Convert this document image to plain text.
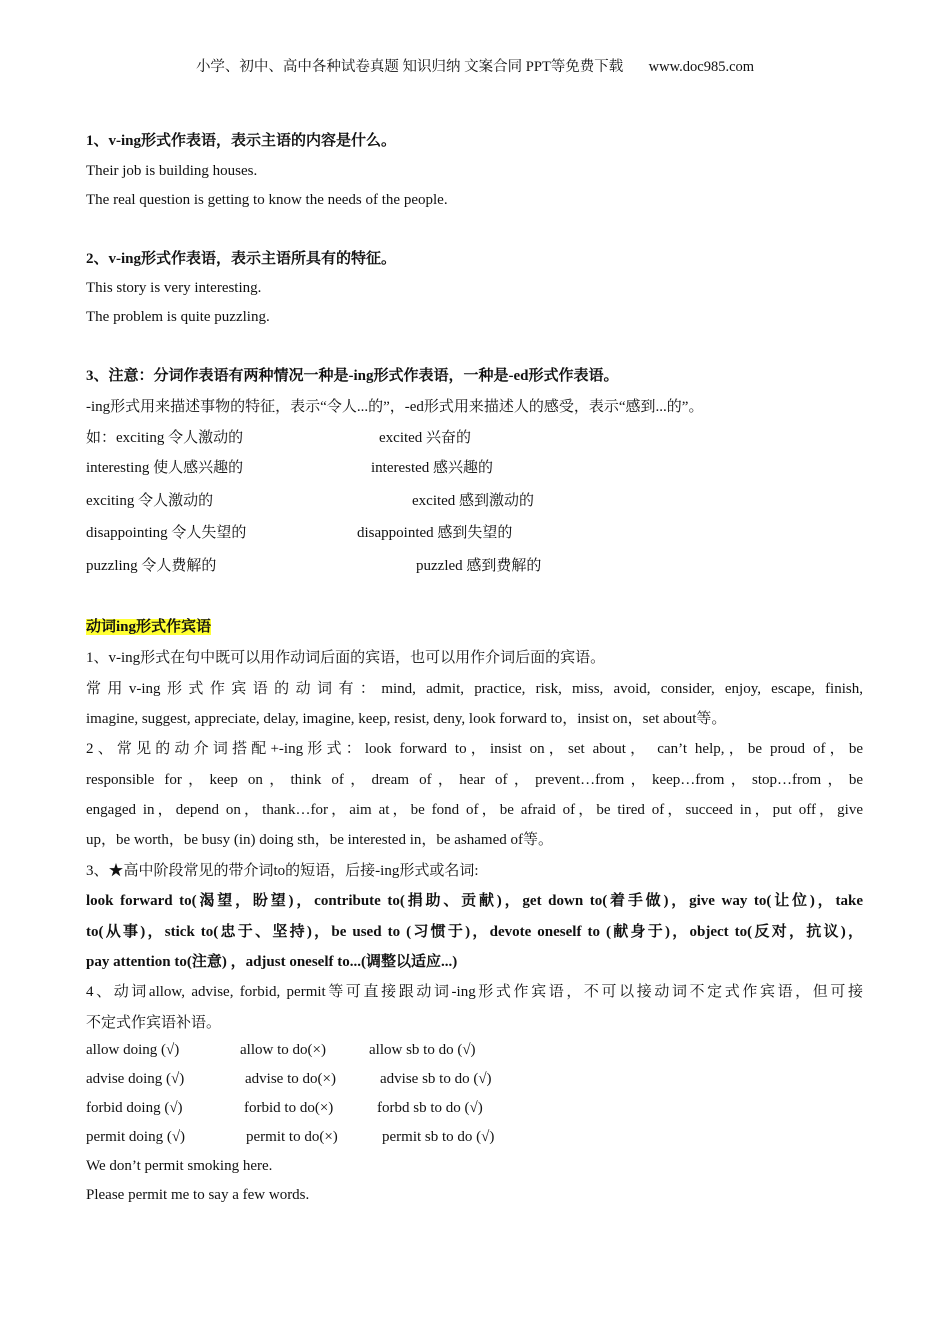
小学、初中、高中各种试卷真题 知识归纳 文案合同 PPT等免费下载 www.doc985.com
1、v-ing形式作表语，表示主语的内容是什么。
Their job is building houses.
The real question is getting to know the needs of the people.
2、v-ing形式作表语，表示主语所具有的特征。
This story is very interesting.
The problem is quite puzzling.
3、注意：分词作表语有两种情况一种是-ing形式作表语，一种是-ed形式作表语。
-ing形式用来描述事物的特征，表示“令人...的”，-ed形式用来描述人的感受，表示“感到...的”。
如：exciting 令人激动的	excited 兴奋的
interesting 使人感兴趣的	interested 感兴趣的
exciting 令人激动的	excited 感到激动的
disappointing 令人失望的	disappointed 感到失望的
puzzling 令人费解的	puzzled 感到费解的
动词ing形式作宾语
1、v-ing形式在句中既可以用作动词后面的宾语，也可以用作介词后面的宾语。
常用v-ing形式作宾语的动词有：mind, admit, practice, risk, miss, avoid, consider, enjoy, escape, finish,
imagine, suggest, appreciate, delay, imagine, keep, resist, deny, look forward to，insist on，set about等。
2、常见的动介词搭配+-ing形式：look forward to，insist on，set about， can’t help,，be proud of，be
responsible for，keep on，think of，dream of，hear of，prevent…from，keep…from，stop…from，be
engaged in，depend on，thank…for，aim at，be fond of，be afraid of，be tired of，succeed in，put off，give
up，be worth，be busy (in) doing sth，be interested in，be ashamed of等。
3、★高中阶段常见的带介词to的短语，后接-ing形式或名词:
look forward to(渴望，盼望)，contribute to(捐助、贡献)，get down to(着手做)，give way to(让位)，take
to(从事)，stick to(忠于、坚持)，be used to (习惯于)，devote oneself to (献身于)，object to(反对，抗议)，
pay attention to(注意) ，adjust oneself to...(调整以适应...)
4、动词allow, advise, forbid, permit等可直接跟动词-ing形式作宾语，不可以接动词不定式作宾语，但可接
不定式作宾语补语。
allow doing (√)	allow to do(×)	allow sb to do (√)
advise doing (√)	advise to do(×)	advise sb to do (√)
forbid doing (√)	forbid to do(×)	forbd sb to do (√)
permit doing (√)	permit to do(×)	permit sb to do (√)
We don’t permit smoking here.
Please permit me to say a few words.
